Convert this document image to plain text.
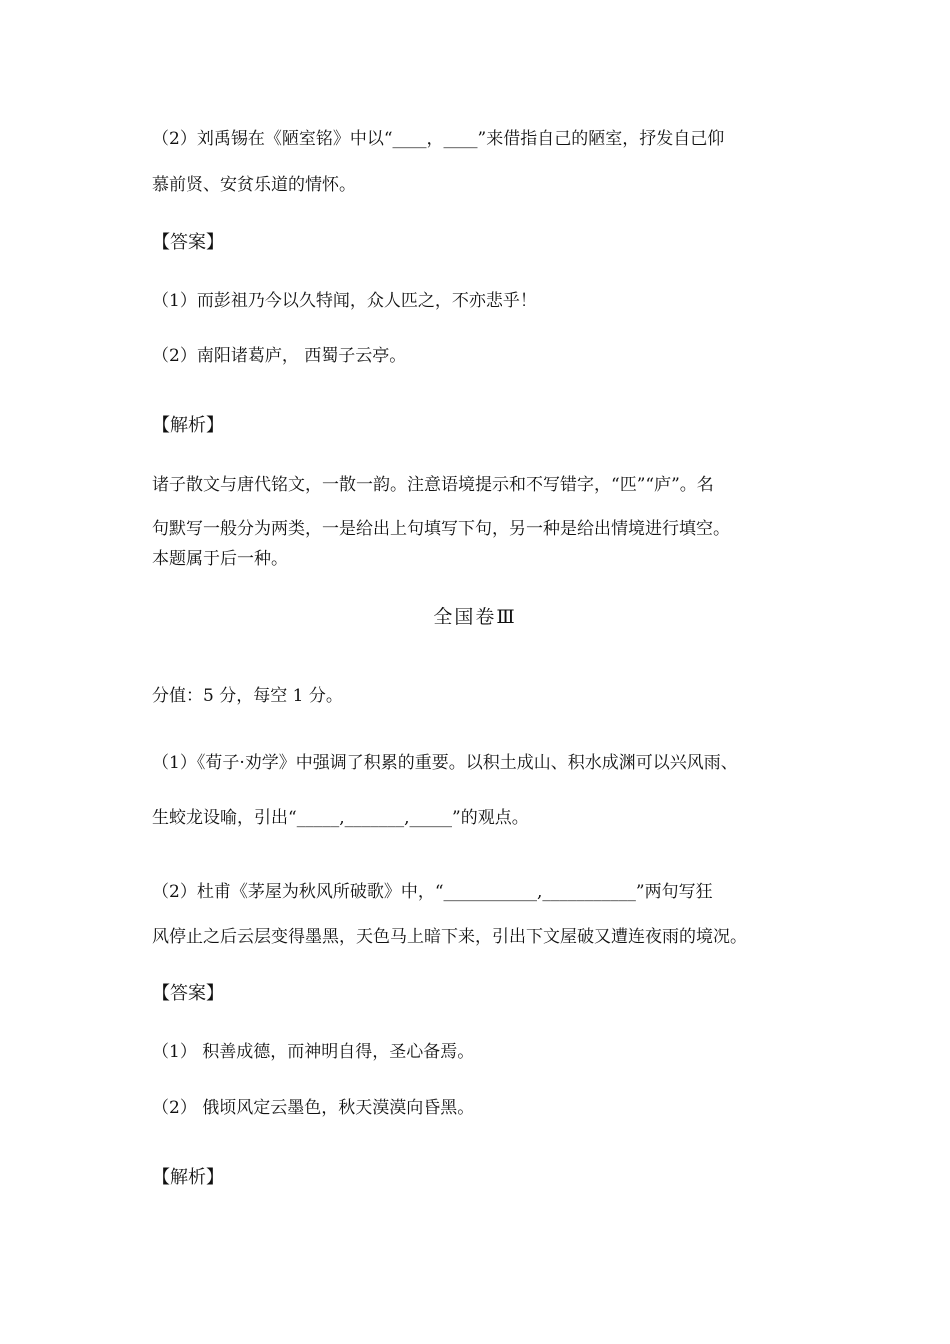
（2）刘禹锡在《陋室铭》中以“____，____”来借指自己的陋室，抒发自己仰
慕前贤、安贫乐道的情怀。
【答案】
（1）而彭祖乃今以久特闻，众人匹之，不亦悲乎！
（2）南阳诸葛庐， 西蜀子云亭。
【解析】
诸子散文与唐代铭文，一散一韵。注意语境提示和不写错字，“匹”“庐”。名
句默写一般分为两类，一是给出上句填写下句，另一种是给出情境进行填空。
本题属于后一种。
全国卷Ⅲ
分值：5 分，每空 1 分。
（1）《荀子·劝学》中强调了积累的重要。以积土成山、积水成渊可以兴风雨、
生蛟龙设喻，引出“_____,_______,_____”的观点。
（2）杜甫《茅屋为秋风所破歌》中，“___________,___________”两句写狂
风停止之后云层变得墨黑，天色马上暗下来，引出下文屋破又遭连夜雨的境况。
【答案】
（1） 积善成德，而神明自得，圣心备焉。
（2） 俄顷风定云墨色，秋天漠漠向昏黑。
【解析】
